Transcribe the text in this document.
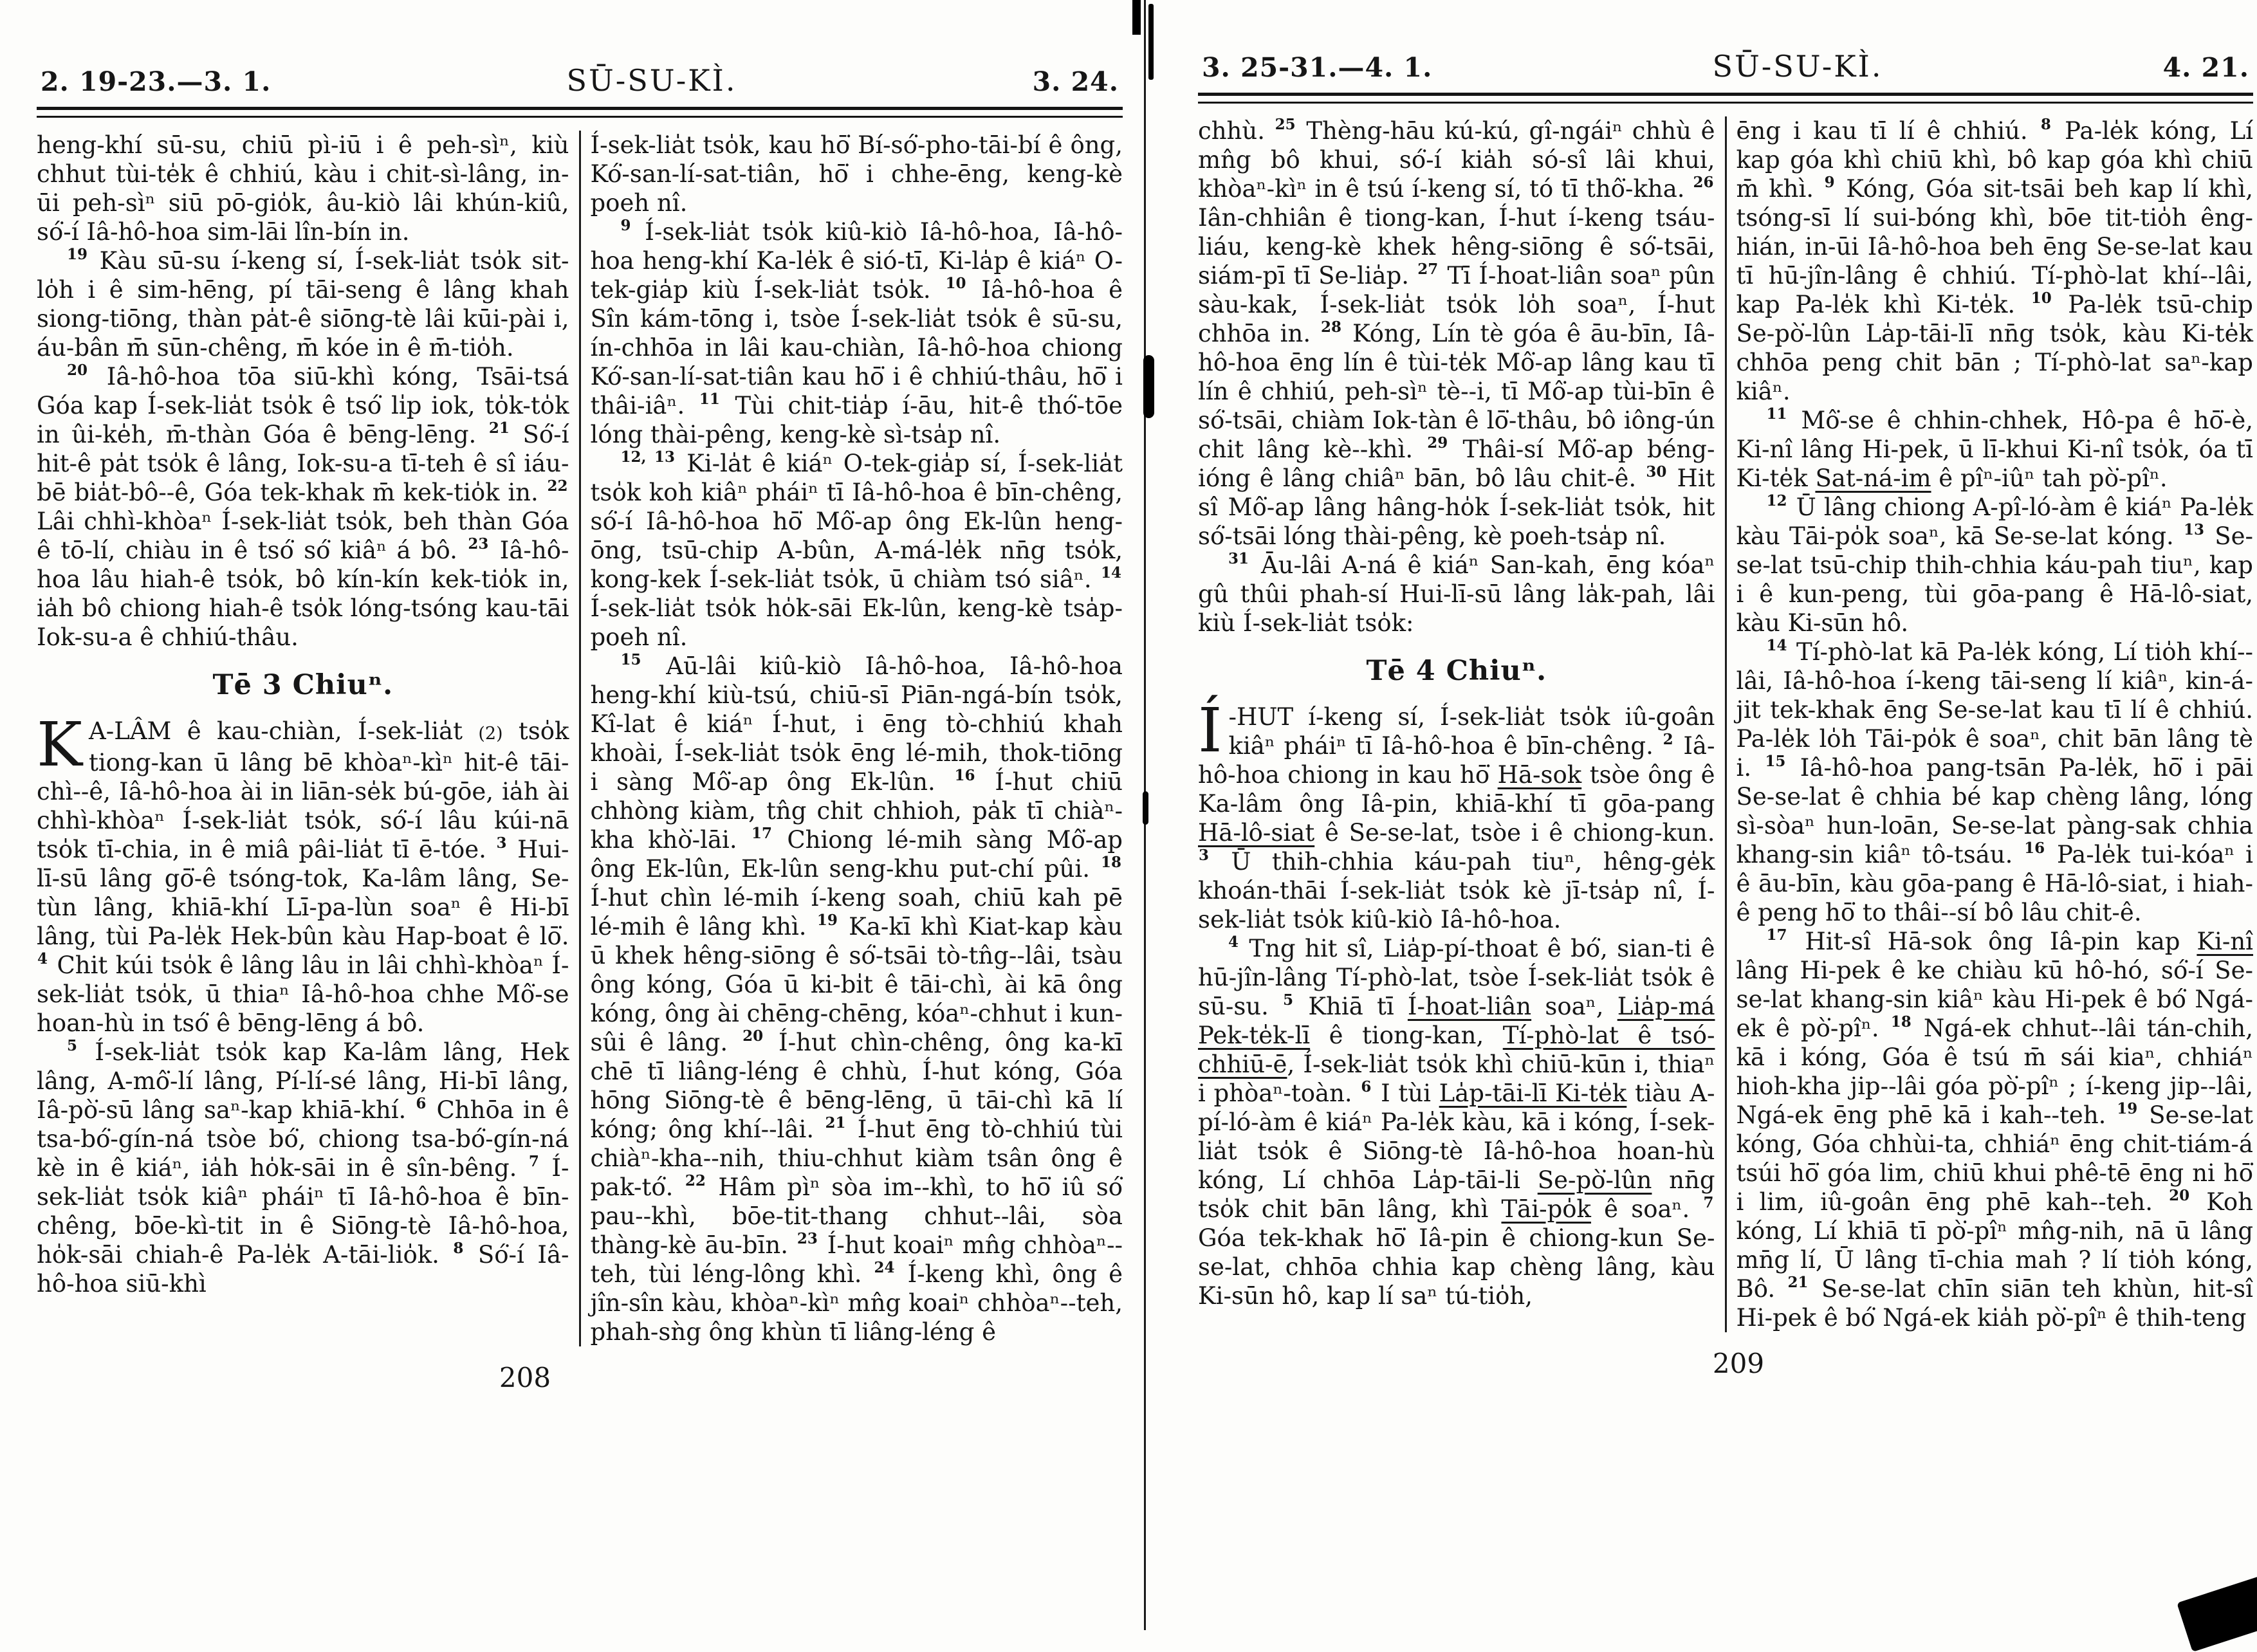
2. 19-23.—3. 1.	SŪ-SU-KÌ.	3. 24.

heng-khí sū-su, chiū pì-iū i ê peh-sìⁿ, kiù chhut tùi-te̍k ê chhiú, kàu i chit-sì-lâng, in-ūi peh-sìⁿ siū pō-gio̍k, âu-kiò lâi khún-kiû, só͘-í Iâ-hô-hoa sim-lāi lîn-bín in.

$^{19}$ Kàu sū-su í-keng sí, Í-sek-lia̍t tso̍k sit-lo̍h i ê sim-hēng, pí tāi-seng ê lâng khah siong-tiōng, thàn pa̍t-ê siōng-tè lâi kūi-pài i, áu-bân m̄ sūn-chêng, m̄ kóe in ê m̄-tio̍h.

$^{20}$ Iâ-hô-hoa tōa siū-khì kóng, Tsāi-tsá Góa kap Í-sek-lia̍t tso̍k ê tsó͘ li̍p iok, to̍k-to̍k in ûi-ke̍h, m̄-thàn Góa ê bēng-lēng. $^{21}$ Só͘-í hit-ê pa̍t tso̍k ê lâng, Iok-su-a tī-teh ê sî iáu-bē bia̍t-bô--ê, Góa tek-khak m̄ kek-tio̍k in. $^{22}$ Lâi chhì-khòaⁿ Í-sek-lia̍t tso̍k, beh thàn Góa ê tō-lí, chiàu in ê tsó͘ só͘ kiâⁿ á bô. $^{23}$ Iâ-hô-hoa lâu hiah-ê tso̍k, bô kín-kín kek-tio̍k in, ia̍h bô chiong hiah-ê tso̍k lóng-tsóng kau-tāi Iok-su-a ê chhiú-thâu.

Tē 3 Chiuⁿ.

K A-LÂM ê kau-chiàn, Í-sek-lia̍t (2) tso̍k tiong-kan ū lâng bē khòaⁿ-kìⁿ hit-ê tāi-chì--ê, Iâ-hô-hoa ài in liān-se̍k bú-gōe, ia̍h ài chhì-khòaⁿ Í-sek-lia̍t tso̍k, só͘-í lâu kúi-nā tso̍k tī-chia, in ê miâ pâi-lia̍t tī ē-tóe. $^3$ Hui-lī-sū lâng gō͘-ê tsóng-tok, Ka-lâm lâng, Se-tùn lâng, khiā-khí Lī-pa-lùn soaⁿ ê Hi-bī lâng, tùi Pa-le̍k Hek-bûn kàu Hap-boat ê lō͘. $^4$ Chit kúi tso̍k ê lâng lâu in lâi chhì-khòaⁿ Í-sek-lia̍t tso̍k, ū thiaⁿ Iâ-hô-hoa chhe Mô͘-se hoan-hù in tsó͘ ê bēng-lēng á bô.

$^5$ Í-sek-lia̍t tso̍k kap Ka-lâm lâng, Hek lâng, A-mô͘-lí lâng, Pí-lí-sé lâng, Hi-bī lâng, Iâ-pò͘-sū lâng saⁿ-kap khiā-khí. $^6$ Chhōa in ê tsa-bó͘-gín-ná tsòe bó͘, chiong tsa-bó͘-gín-ná kè in ê kiáⁿ, ia̍h ho̍k-sāi in ê sîn-bêng. $^7$ Í-sek-lia̍t tso̍k kiâⁿ pháiⁿ tī Iâ-hô-hoa ê bīn-chêng, bōe-kì-tit in ê Siōng-tè Iâ-hô-hoa, ho̍k-sāi chiah-ê Pa-le̍k A-tāi-lio̍k. $^8$ Só͘-í Iâ-hô-hoa siū-khì

Í-sek-lia̍t tso̍k, kau hō͘ Bí-só͘-pho-tāi-bí ê ông, Kó͘-san-lí-sat-tiân, hō͘ i chhe-ēng, keng-kè poeh nî.

$^9$ Í-sek-lia̍t tso̍k kiû-kiò Iâ-hô-hoa, Iâ-hô-hoa heng-khí Ka-le̍k ê sió-tī, Ki-la̍p ê kiáⁿ O-tek-gia̍p kiù Í-sek-lia̍t tso̍k. $^{10}$ Iâ-hô-hoa ê Sîn kám-tōng i, tsòe Í-sek-lia̍t tso̍k ê sū-su, ín-chhōa in lâi kau-chiàn, Iâ-hô-hoa chiong Kó͘-san-lí-sat-tiân kau hō͘ i ê chhiú-thâu, hō͘ i thâi-iâⁿ. $^{11}$ Tùi chit-tia̍p í-āu, hit-ê thó͘-tōe lóng thài-pêng, keng-kè sì-tsa̍p nî.

$^{12, 13}$ Ki-la̍t ê kiáⁿ O-tek-gia̍p sí, Í-sek-lia̍t tso̍k koh kiâⁿ pháiⁿ tī Iâ-hô-hoa ê bīn-chêng, só͘-í Iâ-hô-hoa hō͘ Mô͘-ap ông Ek-lûn heng-ōng, tsū-chip A-bûn, A-má-le̍k nn̄g tso̍k, kong-kek Í-sek-lia̍t tso̍k, ū chiàm tsó siâⁿ. $^{14}$ Í-sek-lia̍t tso̍k ho̍k-sāi Ek-lûn, keng-kè tsa̍p-poeh nî.

$^{15}$ Aū-lâi kiû-kiò Iâ-hô-hoa, Iâ-hô-hoa heng-khí kiù-tsú, chiū-sī Piān-ngá-bín tso̍k, Kî-lat ê kiáⁿ Í-hut, i ēng tò-chhiú khah khoài, Í-sek-lia̍t tso̍k ēng lé-mih, thok-tiōng i sàng Mô͘-ap ông Ek-lûn. $^{16}$ Í-hut chiū chhòng kiàm, tn̂g chit chhioh, pa̍k tī chiàⁿ-kha khò͘-lāi. $^{17}$ Chiong lé-mih sàng Mô͘-ap ông Ek-lûn, Ek-lûn seng-khu put-chí pûi. $^{18}$ Í-hut chìn lé-mih í-keng soah, chiū kah pē lé-mih ê lâng khì. $^{19}$ Ka-kī khì Kiat-kap kàu ū khek hêng-siōng ê só͘-tsāi tò-tn̂g--lâi, tsàu ông kóng, Góa ū ki-bi̍t ê tāi-chì, ài kā ông kóng, ông ài chēng-chēng, kóaⁿ-chhut i kun-sûi ê lâng. $^{20}$ Í-hut chìn-chêng, ông ka-kī chē tī liâng-léng ê chhù, Í-hut kóng, Góa hōng Siōng-tè ê bēng-lēng, ū tāi-chì kā lí kóng; ông khí--lâi. $^{21}$ Í-hut ēng tò-chhiú tùi chiàⁿ-kha--nih, thiu-chhut kiàm tsân ông ê pak-tó͘. $^{22}$ Hâm pìⁿ sòa im--khì, to hō͘ iû só͘ pau--khì, bōe-tit-thang chhut--lâi, sòa thàng-kè āu-bīn. $^{23}$ Í-hut koaiⁿ mn̂g chhòaⁿ--teh, tùi léng-lông khì. $^{24}$ Í-keng khì, ông ê jîn-sîn kàu, khòaⁿ-kìⁿ mn̂g koaiⁿ chhòaⁿ--teh, phah-sǹg ông khùn tī liâng-léng ê

208
3. 25-31.—4. 1.	SŪ-SU-KÌ.	4. 21.

chhù. $^{25}$ Thèng-hāu kú-kú, gî-ngáiⁿ chhù ê mn̂g bô khui, só͘-í kia̍h só-sî lâi khui, khòaⁿ-kìⁿ in ê tsú í-keng sí, tó tī thô͘-kha. $^{26}$ Iân-chhiân ê tiong-kan, Í-hut í-keng tsáu-liáu, keng-kè khek hêng-siōng ê só͘-tsāi, siám-pī tī Se-lia̍p. $^{27}$ Tī Í-hoat-liân soaⁿ pûn sàu-kak, Í-sek-lia̍t tso̍k lo̍h soaⁿ, Í-hut chhōa in. $^{28}$ Kóng, Lín tè góa ê āu-bīn, Iâ-hô-hoa ēng lín ê tùi-te̍k Mô͘-ap lâng kau tī lín ê chhiú, peh-sìⁿ tè--i, tī Mô͘-ap tùi-bīn ê só͘-tsāi, chiàm Iok-tàn ê lō͘-thâu, bô iông-ún chit lâng kè--khì. $^{29}$ Thâi-sí Mô͘-ap béng-ióng ê lâng chiâⁿ bān, bô lâu chit-ê. $^{30}$ Hit sî Mô͘-ap lâng hâng-ho̍k Í-sek-lia̍t tso̍k, hit só͘-tsāi lóng thài-pêng, kè poeh-tsa̍p nî.

$^{31}$ Āu-lâi A-ná ê kiáⁿ San-kah, ēng kóaⁿ gû thûi phah-sí Hui-lī-sū lâng la̍k-pah, lâi kiù Í-sek-lia̍t tso̍k:

Tē 4 Chiuⁿ.

Í -HUT í-keng sí, Í-sek-lia̍t tso̍k iû-goân kiâⁿ pháiⁿ tī Iâ-hô-hoa ê bīn-chêng. $^2$ Iâ-hô-hoa chiong in kau hō͘ Hā-sok tsòe ông ê Ka-lâm ông Iâ-pin, khiā-khí tī gōa-pang Hā-lô-siat ê Se-se-lat, tsòe i ê chiong-kun. $^3$ Ū thih-chhia káu-pah tiuⁿ, hêng-ge̍k khoán-thāi Í-sek-lia̍t tso̍k kè jī-tsa̍p nî, Í-sek-lia̍t tso̍k kiû-kiò Iâ-hô-hoa.

$^4$ Tng hit sî, Lia̍p-pí-thoat ê bó͘, sian-ti ê hū-jîn-lâng Tí-phò-lat, tsòe Í-sek-lia̍t tso̍k ê sū-su. $^5$ Khiā tī Í-hoat-liân soaⁿ, Lia̍p-má Pek-te̍k-lī ê tiong-kan, Tí-phò-lat ê tsó-chhiū-ē, Í-sek-lia̍t tso̍k khì chiū-kūn i, thiaⁿ i phòaⁿ-toàn. $^6$ I tùi La̍p-tāi-lī Ki-te̍k tiàu A-pí-ló-àm ê kiáⁿ Pa-le̍k kàu, kā i kóng, Í-sek-lia̍t tso̍k ê Siōng-tè Iâ-hô-hoa hoan-hù kóng, Lí chhōa La̍p-tāi-li Se-pò͘-lûn nn̄g tso̍k chit bān lâng, khì Tāi-po̍k ê soaⁿ. $^7$ Góa tek-khak hō͘ Iâ-pin ê chiong-kun Se-se-lat, chhōa chhia kap chèng lâng, kàu Ki-sūn hô, kap lí saⁿ tú-tio̍h,

ēng i kau tī lí ê chhiú. $^8$ Pa-le̍k kóng, Lí kap góa khì chiū khì, bô kap góa khì chiū m̄ khì. $^9$ Kóng, Góa sit-tsāi beh kap lí khì, tsóng-sī lí sui-bóng khì, bōe tit-tio̍h êng-hián, in-ūi Iâ-hô-hoa beh ēng Se-se-lat kau tī hū-jîn-lâng ê chhiú. Tí-phò-lat khí--lâi, kap Pa-le̍k khì Ki-te̍k. $^{10}$ Pa-le̍k tsū-chip Se-pò͘-lûn La̍p-tāi-lī nn̄g tso̍k, kàu Ki-te̍k chhōa peng chit bān ; Tí-phò-lat saⁿ-kap kiâⁿ.

$^{11}$ Mô͘-se ê chhin-chhek, Hô-pa ê hō͘-è, Ki-nî lâng Hi-pek, ū lī-khui Ki-nî tso̍k, óa tī Ki-te̍k Sat-ná-im ê pîⁿ-iûⁿ tah pò͘-pîⁿ.

$^{12}$ Ū lâng chiong A-pî-ló-àm ê kiáⁿ Pa-le̍k kàu Tāi-po̍k soaⁿ, kā Se-se-lat kóng. $^{13}$ Se-se-lat tsū-chip thih-chhia káu-pah tiuⁿ, kap i ê kun-peng, tùi gōa-pang ê Hā-lô-siat, kàu Ki-sūn hô.

$^{14}$ Tí-phò-lat kā Pa-le̍k kóng, Lí tio̍h khí--lâi, Iâ-hô-hoa í-keng tāi-seng lí kiâⁿ, kin-á-jit tek-khak ēng Se-se-lat kau tī lí ê chhiú. Pa-le̍k lo̍h Tāi-po̍k ê soaⁿ, chit bān lâng tè i. $^{15}$ Iâ-hô-hoa pang-tsān Pa-le̍k, hō͘ i pāi Se-se-lat ê chhia bé kap chèng lâng, lóng sì-sòaⁿ hun-loān, Se-se-lat pàng-sak chhia khang-sin kiâⁿ tô-tsáu. $^{16}$ Pa-le̍k tui-kóaⁿ i ê āu-bīn, kàu gōa-pang ê Hā-lô-siat, i hiah-ê peng hō͘ to thâi--sí bô lâu chit-ê.

$^{17}$ Hit-sî Hā-sok ông Iâ-pin kap Ki-nî lâng Hi-pek ê ke chiàu kū hô-hó, só͘-í Se-se-lat khang-sin kiâⁿ kàu Hi-pek ê bó͘ Ngá-ek ê pò͘-pîⁿ. $^{18}$ Ngá-ek chhut--lâi tán-chih, kā i kóng, Góa ê tsú m̄ sái kiaⁿ, chhiáⁿ hioh-kha jip--lâi góa pò͘-pîⁿ ; í-keng jip--lâi, Ngá-ek ēng phē kā i kah--teh. $^{19}$ Se-se-lat kóng, Góa chhùi-ta, chhiáⁿ ēng chit-tiám-á tsúi hō͘ góa lim, chiū khui phê-tē ēng ni hō͘ i lim, iû-goân ēng phē kah--teh. $^{20}$ Koh kóng, Lí khiā tī pò͘-pîⁿ mn̂g-nih, nā ū lâng mn̄g lí, Ū lâng tī-chia mah ? lí tio̍h kóng, Bô. $^{21}$ Se-se-lat chīn siān teh khùn, hit-sî Hi-pek ê bó͘ Ngá-ek kia̍h pò͘-pîⁿ ê thih-teng

209
